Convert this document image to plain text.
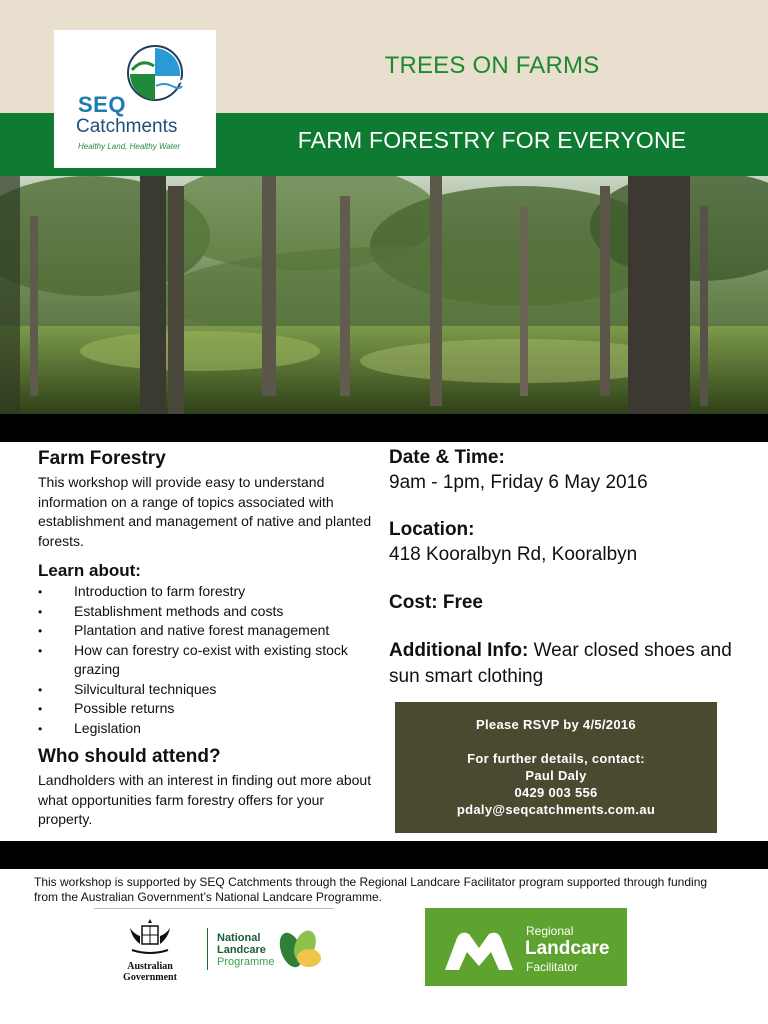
SEQ
Catchments
Healthy Land, Healthy Water
TREES ON FARMS
FARM FORESTRY FOR EVERYONE
Farm Forestry
This workshop will provide easy to understand information on a range of topics associated with establishment and management of native and planted forests.
Learn about:
• Introduction to farm forestry
• Establishment methods and costs
• Plantation and native forest management
• How can forestry co-exist with existing stock grazing
• Silvicultural techniques
• Possible returns
• Legislation
Who should attend?
Landholders with an interest in finding out more about what opportunities farm forestry offers for your property.
Date & Time:
9am - 1pm, Friday 6 May 2016
Location:
418 Kooralbyn Rd, Kooralbyn
Cost: Free
Additional Info: Wear closed shoes and sun smart clothing
Please RSVP by 4/5/2016
For further details, contact:
Paul Daly
0429 003 556
pdaly@seqcatchments.com.au
This workshop is supported by SEQ Catchments through the Regional Landcare Facilitator program supported through funding from the Australian Government’s National Landcare Programme.
Australian Government
National
Landcare
Programme
Regional
Landcare
Facilitator
